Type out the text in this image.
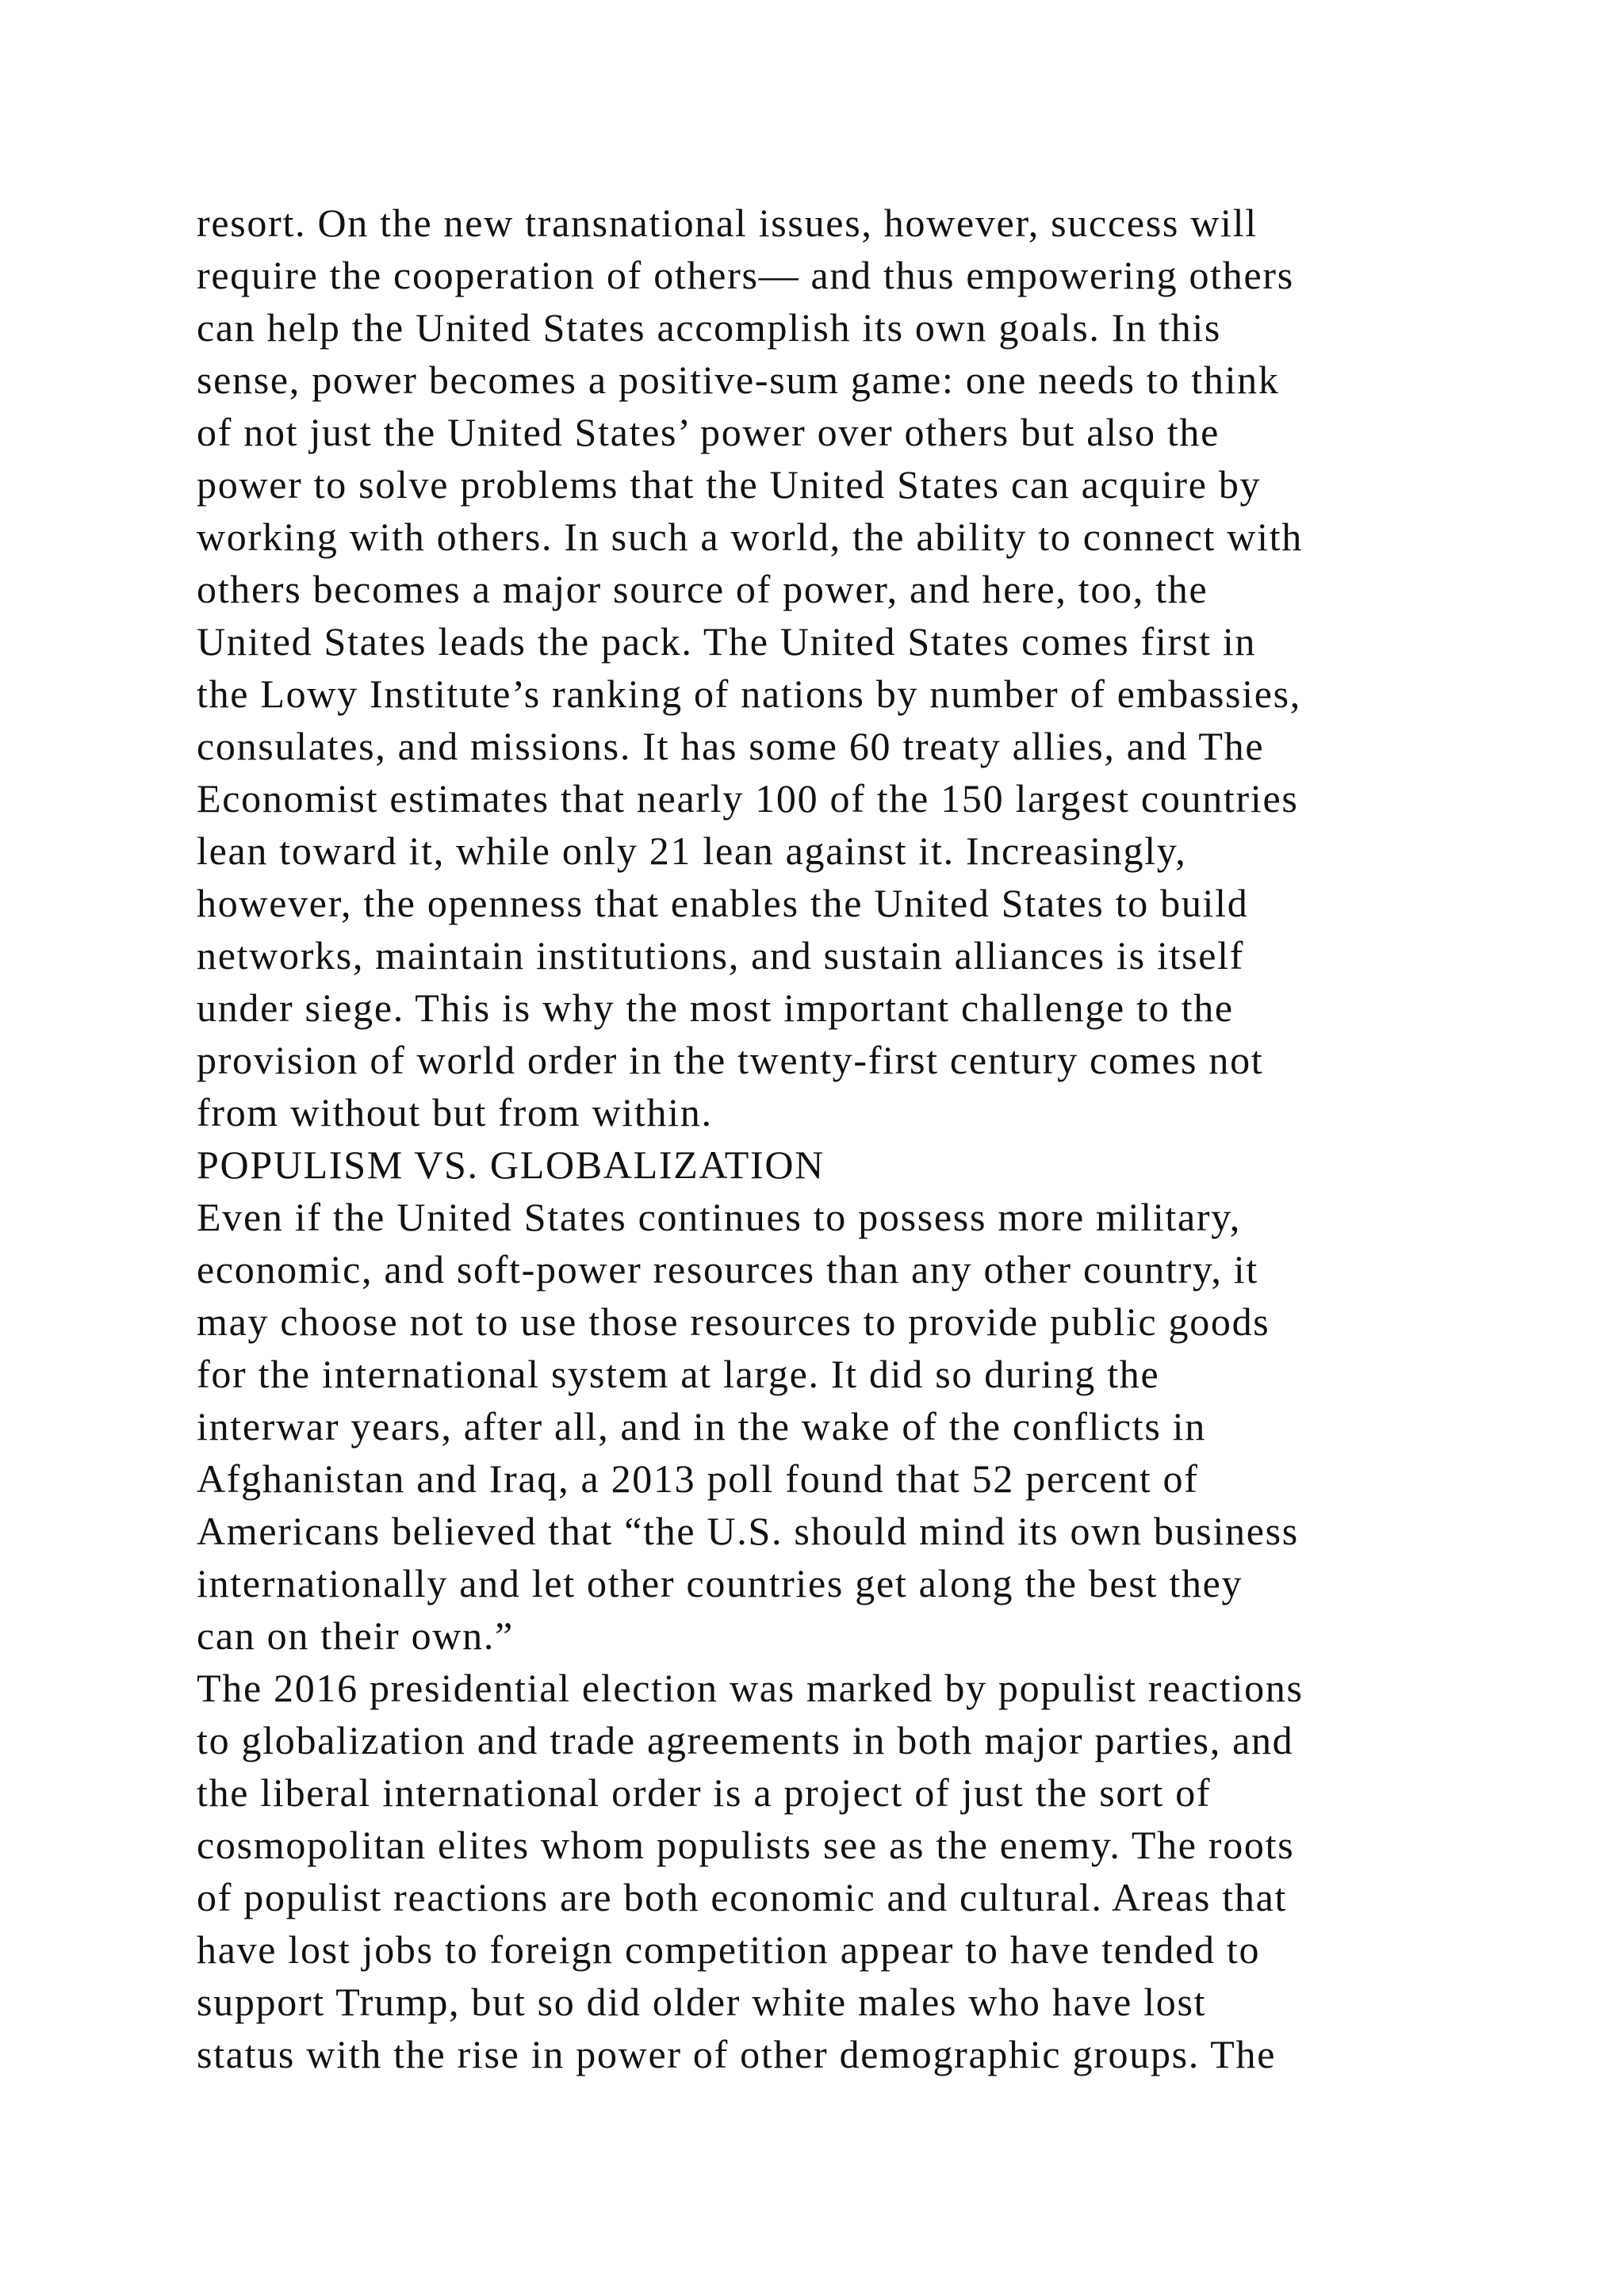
resort. On the new transnational issues, however, success will
require the cooperation of others— and thus empowering others
can help the United States accomplish its own goals. In this
sense, power becomes a positive-sum game: one needs to think
of not just the United States’ power over others but also the
power to solve problems that the United States can acquire by
working with others. In such a world, the ability to connect with
others becomes a major source of power, and here, too, the
United States leads the pack. The United States comes first in
the Lowy Institute’s ranking of nations by number of embassies,
consulates, and missions. It has some 60 treaty allies, and The
Economist estimates that nearly 100 of the 150 largest countries
lean toward it, while only 21 lean against it. Increasingly,
however, the openness that enables the United States to build
networks, maintain institutions, and sustain alliances is itself
under siege. This is why the most important challenge to the
provision of world order in the twenty-first century comes not
from without but from within.
POPULISM VS. GLOBALIZATION
Even if the United States continues to possess more military,
economic, and soft-power resources than any other country, it
may choose not to use those resources to provide public goods
for the international system at large. It did so during the
interwar years, after all, and in the wake of the conflicts in
Afghanistan and Iraq, a 2013 poll found that 52 percent of
Americans believed that “the U.S. should mind its own business
internationally and let other countries get along the best they
can on their own.”
The 2016 presidential election was marked by populist reactions
to globalization and trade agreements in both major parties, and
the liberal international order is a project of just the sort of
cosmopolitan elites whom populists see as the enemy. The roots
of populist reactions are both economic and cultural. Areas that
have lost jobs to foreign competition appear to have tended to
support Trump, but so did older white males who have lost
status with the rise in power of other demographic groups. The
